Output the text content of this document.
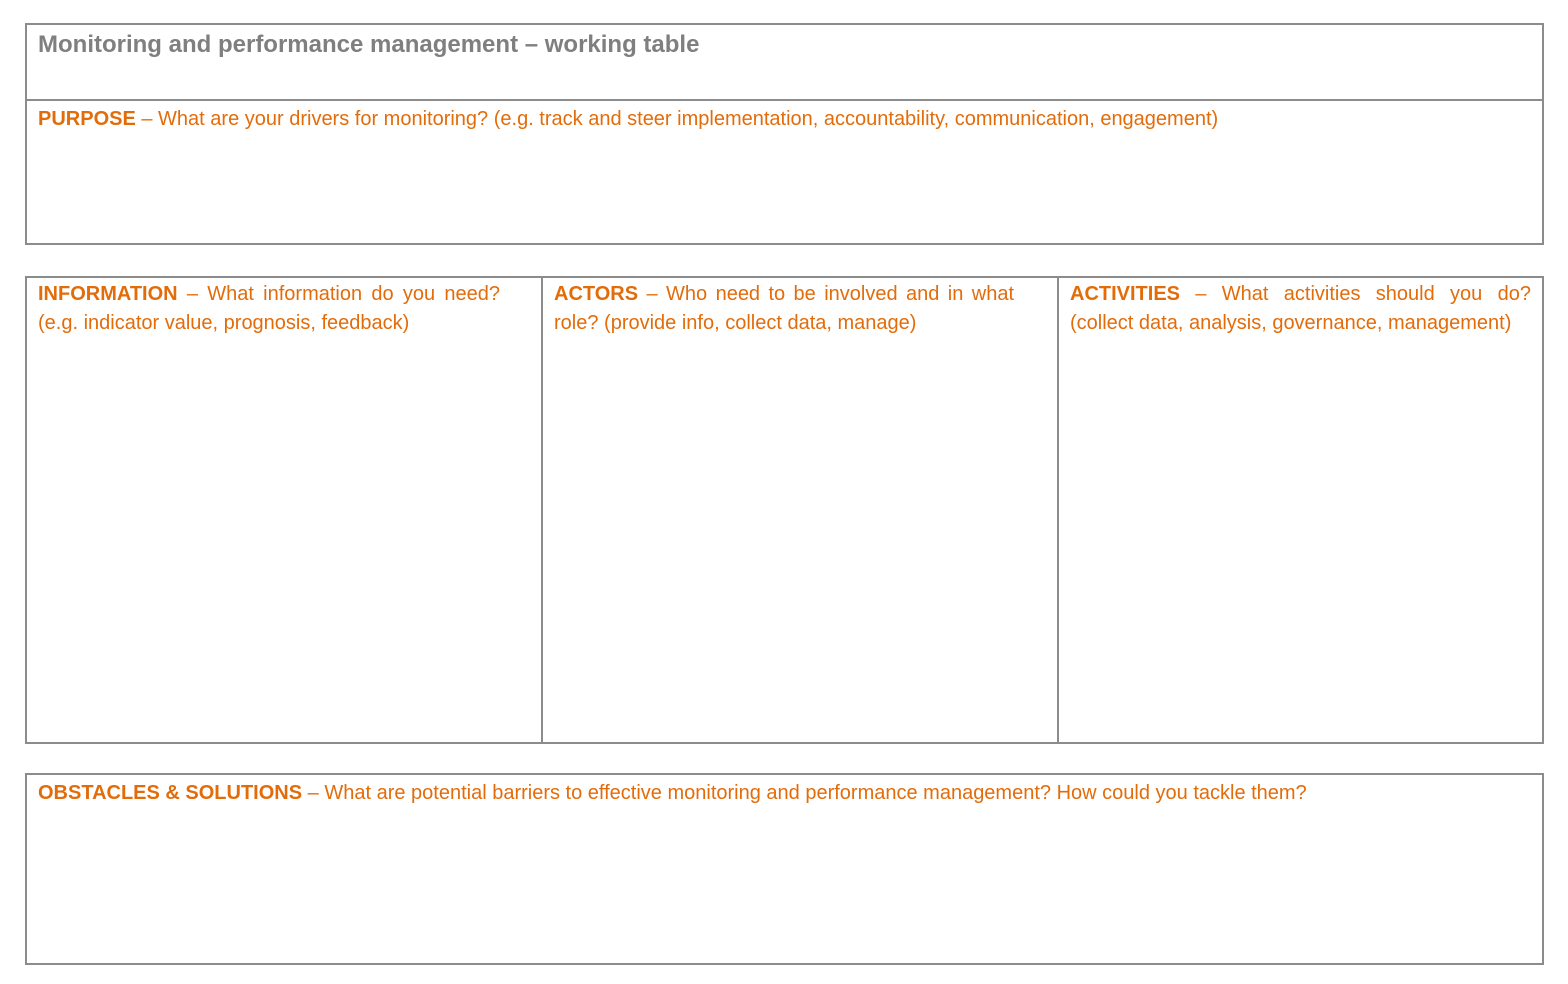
Monitoring and performance management – working table
PURPOSE – What are your drivers for monitoring? (e.g. track and steer implementation, accountability, communication, engagement)
INFORMATION – What information do you need? (e.g. indicator value, prognosis, feedback)
ACTORS – Who need to be involved and in what role? (provide info, collect data, manage)
ACTIVITIES – What activities should you do? (collect data, analysis, governance, management)
OBSTACLES & SOLUTIONS – What are potential barriers to effective monitoring and performance management? How could you tackle them?
